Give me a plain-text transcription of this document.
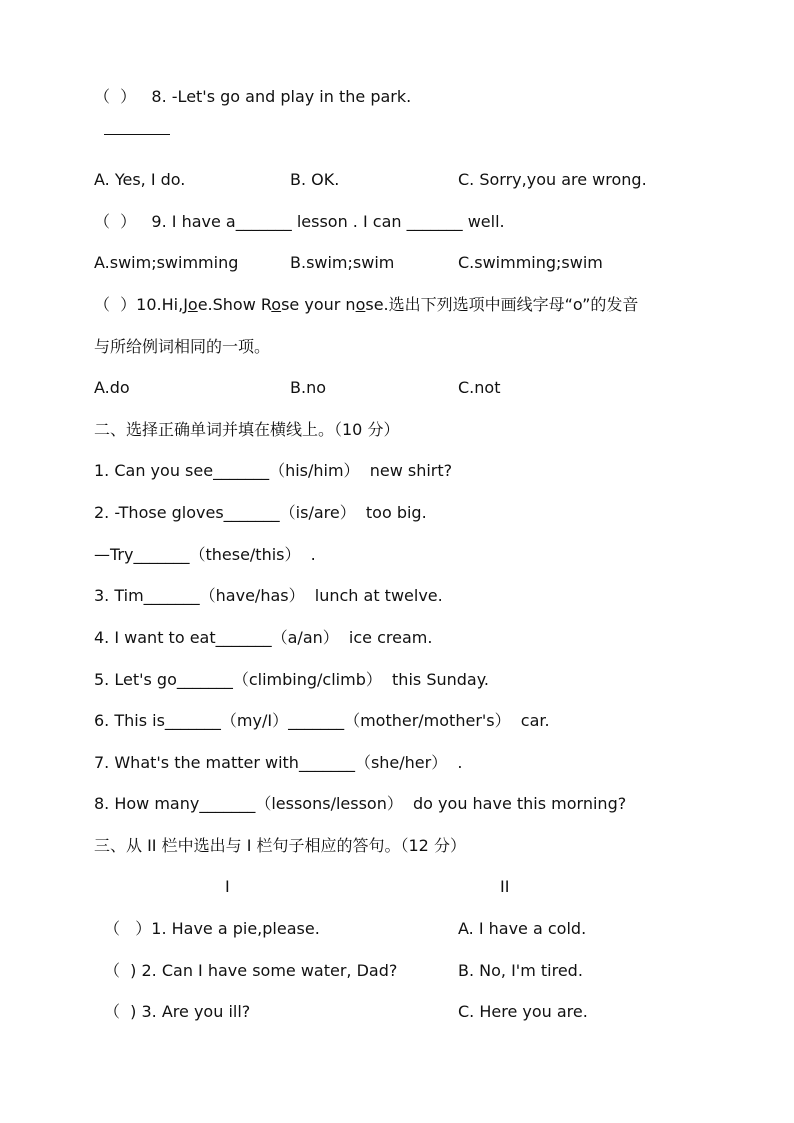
（  ）   8. -Let's go and play in the park.
A. Yes, I do.	B. OK.	C. Sorry,you are wrong.
（  ）   9. I have a_______ lesson . I can _______ well.
A.swim;swimming	B.swim;swim	C.swimming;swim
（  ）10.Hi,Joe.Show Rose your nose.选出下列选项中画线字母“o”的发音
与所给例词相同的一项。
A.do	B.no	C.not
二、选择正确单词并填在横线上。（10 分）
1. Can you see_______（his/him）  new shirt?
2. -Those gloves_______（is/are）  too big.
—Try_______（these/this）  .
3. Tim_______（have/has）  lunch at twelve.
4. I want to eat_______（a/an）  ice cream.
5. Let's go_______（climbing/climb）  this Sunday.
6. This is_______（my/I）_______（mother/mother's）  car.
7. What's the matter with_______（she/her）  .
8. How many_______（lessons/lesson）  do you have this morning?
三、从 II 栏中选出与 I 栏句子相应的答句。（12 分）
I	II
（   ）1. Have a pie,please.	A. I have a cold.
（  ) 2. Can I have some water, Dad?	B. No, I'm tired.
（  ) 3. Are you ill?	C. Here you are.
